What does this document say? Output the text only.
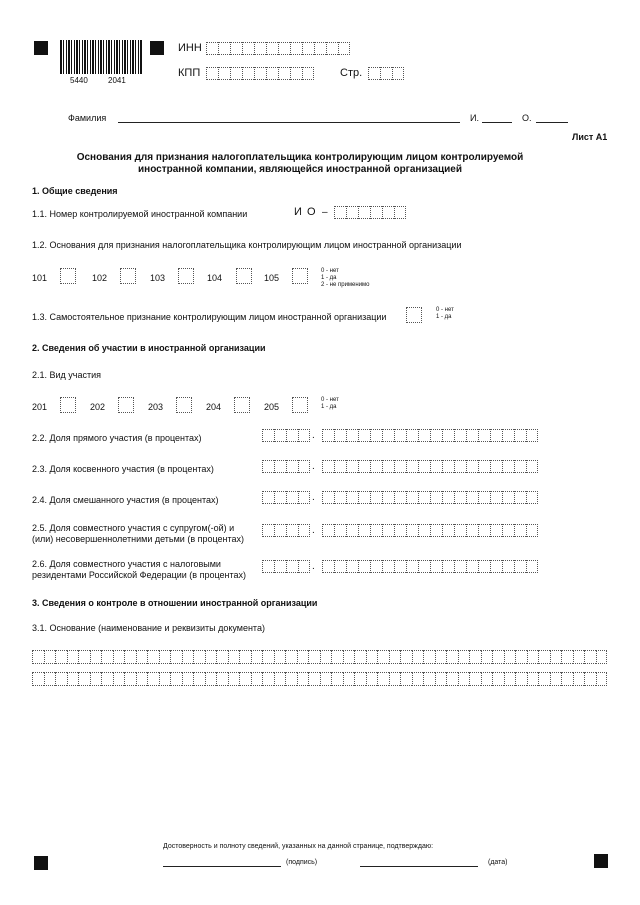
5440	2041
ИНН
КПП	Стр.
Фамилия	И.	О.
Лист А1
Основания для признания налогоплательщика контролирующим лицом контролируемой
иностранной компании, являющейся иностранной организацией
1. Общие сведения
1.1. Номер контролируемой иностранной компании	И О –
1.2. Основания для признания налогоплательщика контролирующим лицом иностранной организации
101	102	103	104	105
0 - нет
1 - да
2 - не применимо
1.3. Самостоятельное признание контролирующим лицом иностранной организации
0 - нет
1 - да
2. Сведения об участии в иностранной организации
2.1. Вид участия
201	202	203	204	205
0 - нет
1 - да
2.2. Доля прямого участия (в процентах)	.
2.3. Доля косвенного участия (в процентах)	.
2.4. Доля смешанного участия (в процентах)	.
2.5. Доля совместного участия с супругом(-ой) и
(или) несовершеннолетними детьми (в процентах)
.
2.6. Доля совместного участия с налоговыми
резидентами Российской Федерации (в процентах)
.
3. Сведения о контроле в отношении иностранной организации
3.1. Основание (наименование и реквизиты документа)
Достоверность и полноту сведений, указанных на данной странице, подтверждаю:
(подпись)	(дата)
